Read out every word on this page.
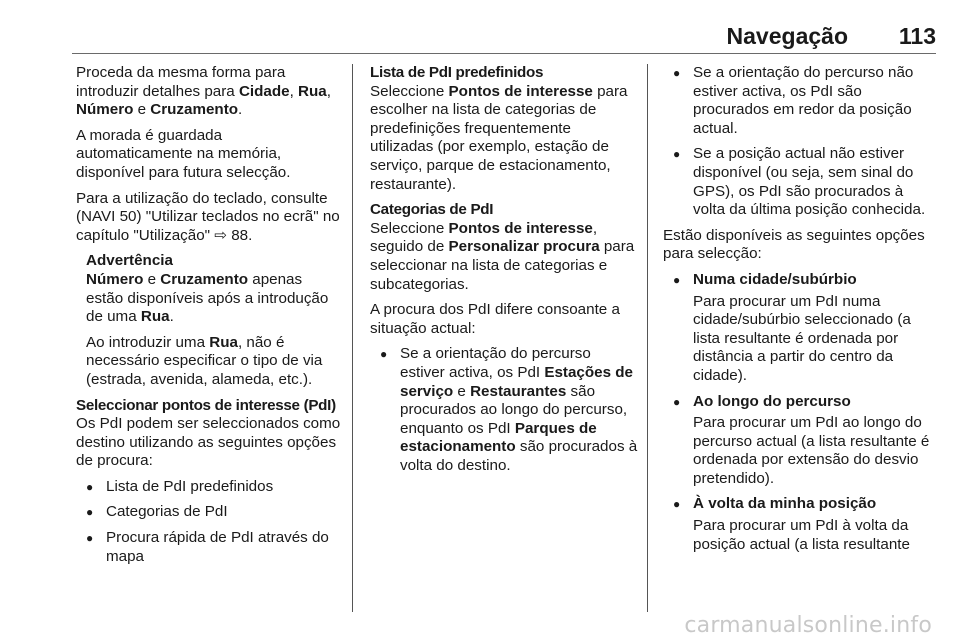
Navegação 113

Proceda da mesma forma para introduzir detalhes para Cidade, Rua, Número e Cruzamento.

A morada é guardada automaticamente na memória, disponível para futura selecção.

Para a utilização do teclado, consulte (NAVI 50) "Utilizar teclados no ecrã" no capítulo "Utilização" ⇨ 88.

Advertência

Número e Cruzamento apenas estão disponíveis após a introdução de uma Rua.

Ao introduzir uma Rua, não é necessário especificar o tipo de via (estrada, avenida, alameda, etc.).

Seleccionar pontos de interesse (PdI)

Os PdI podem ser seleccionados como destino utilizando as seguintes opções de procura:

● Lista de PdI predefinidos
● Categorias de PdI
● Procura rápida de PdI através do mapa

Lista de PdI predefinidos

Seleccione Pontos de interesse para escolher na lista de categorias de predefinições frequentemente utilizadas (por exemplo, estação de serviço, parque de estacionamento, restaurante).

Categorias de PdI

Seleccione Pontos de interesse, seguido de Personalizar procura para seleccionar na lista de categorias e subcategorias.

A procura dos PdI difere consoante a situação actual:

● Se a orientação do percurso estiver activa, os PdI Estações de serviço e Restaurantes são procurados ao longo do percurso, enquanto os PdI Parques de estacionamento são procurados à volta do destino.
● Se a orientação do percurso não estiver activa, os PdI são procurados em redor da posição actual.
● Se a posição actual não estiver disponível (ou seja, sem sinal do GPS), os PdI são procurados à volta da última posição conhecida.

Estão disponíveis as seguintes opções para selecção:

● Numa cidade/subúrbio
Para procurar um PdI numa cidade/subúrbio seleccionado (a lista resultante é ordenada por distância a partir do centro da cidade).
● Ao longo do percurso
Para procurar um PdI ao longo do percurso actual (a lista resultante é ordenada por extensão do desvio pretendido).
● À volta da minha posição
Para procurar um PdI à volta da posição actual (a lista resultante
carmanualsonline.info
